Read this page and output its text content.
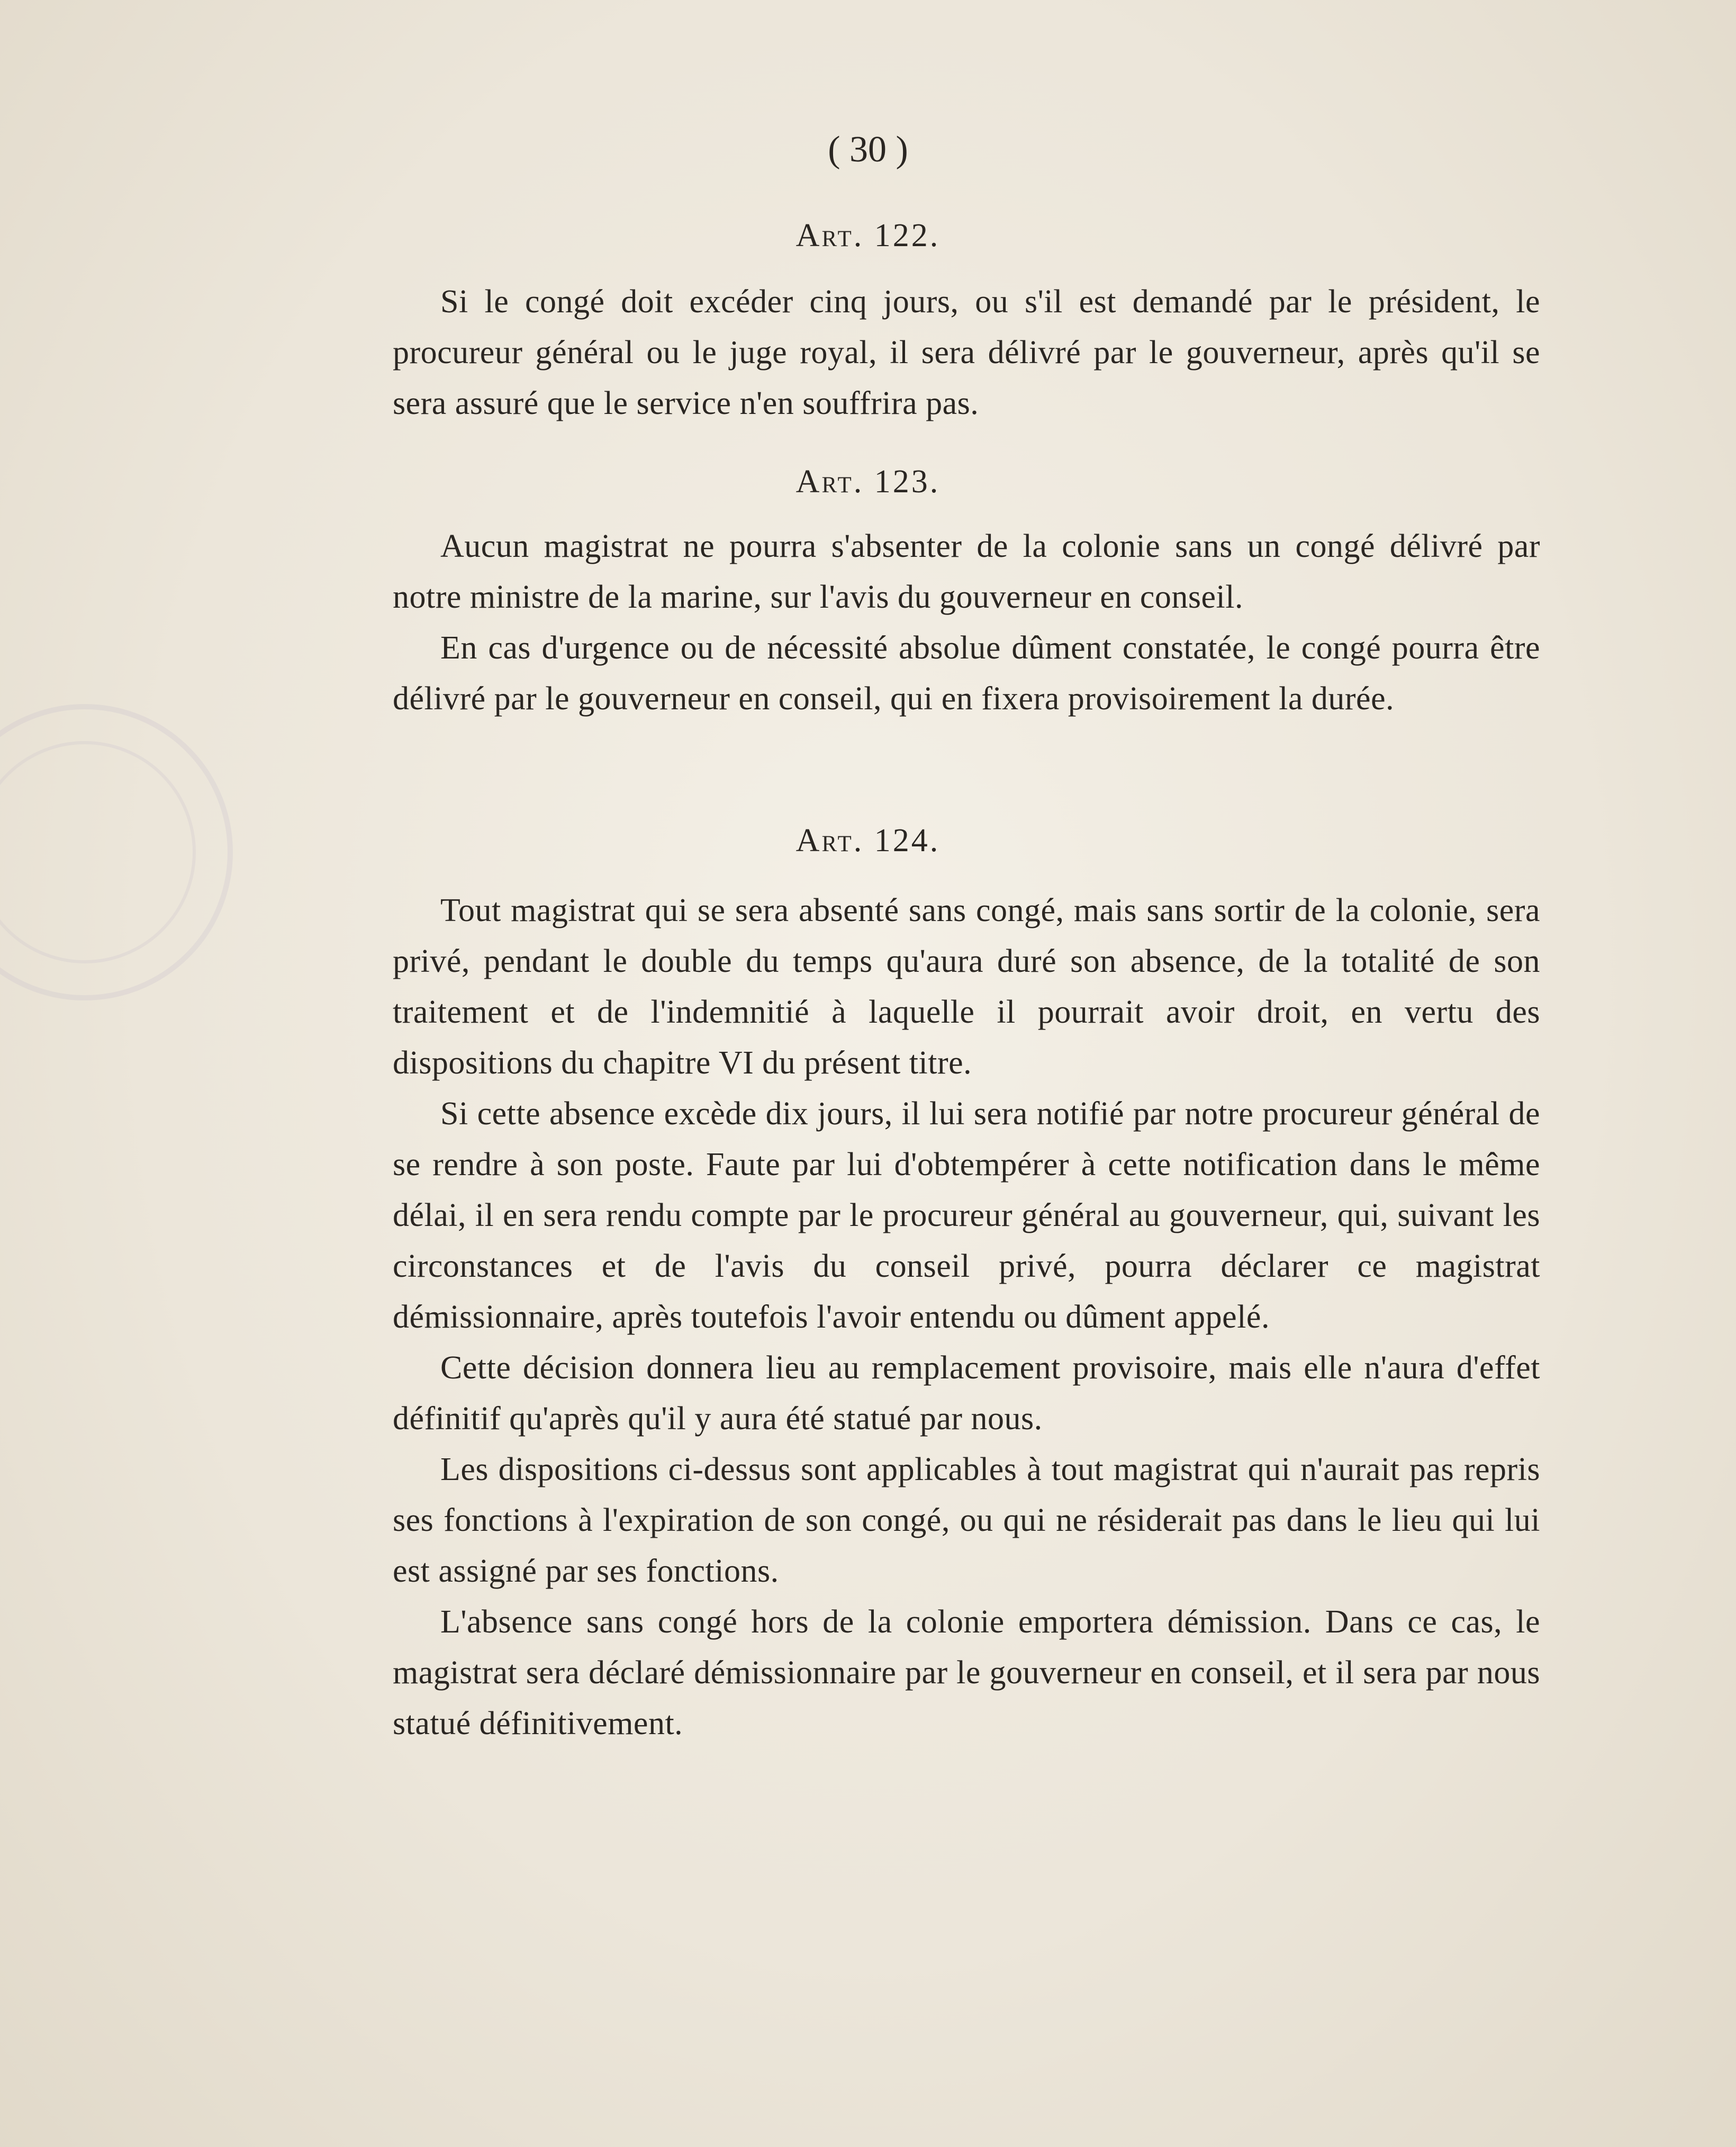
( 30 )
Art. 122.

Si le congé doit excéder cinq jours, ou s'il est demandé par le président, le procureur général ou le juge royal, il sera délivré par le gouverneur, après qu'il se sera assuré que le service n'en souffrira pas.

Art. 123.

Aucun magistrat ne pourra s'absenter de la colonie sans un congé délivré par notre ministre de la marine, sur l'avis du gouverneur en conseil.

En cas d'urgence ou de nécessité absolue dûment constatée, le congé pourra être délivré par le gouverneur en conseil, qui en fixera provisoirement la durée.

Art. 124.

Tout magistrat qui se sera absenté sans congé, mais sans sortir de la colonie, sera privé, pendant le double du temps qu'aura duré son absence, de la totalité de son traitement et de l'indemnitié à laquelle il pourrait avoir droit, en vertu des dispositions du chapitre VI du présent titre.

Si cette absence excède dix jours, il lui sera notifié par notre procureur général de se rendre à son poste. Faute par lui d'obtempérer à cette notification dans le même délai, il en sera rendu compte par le procureur général au gouverneur, qui, suivant les circonstances et de l'avis du conseil privé, pourra déclarer ce magistrat démissionnaire, après toutefois l'avoir entendu ou dûment appelé.

Cette décision donnera lieu au remplacement provisoire, mais elle n'aura d'effet définitif qu'après qu'il y aura été statué par nous.

Les dispositions ci-dessus sont applicables à tout magistrat qui n'aurait pas repris ses fonctions à l'expiration de son congé, ou qui ne résiderait pas dans le lieu qui lui est assigné par ses fonctions.

L'absence sans congé hors de la colonie emportera démission. Dans ce cas, le magistrat sera déclaré démissionnaire par le gouverneur en conseil, et il sera par nous statué définitivement.
